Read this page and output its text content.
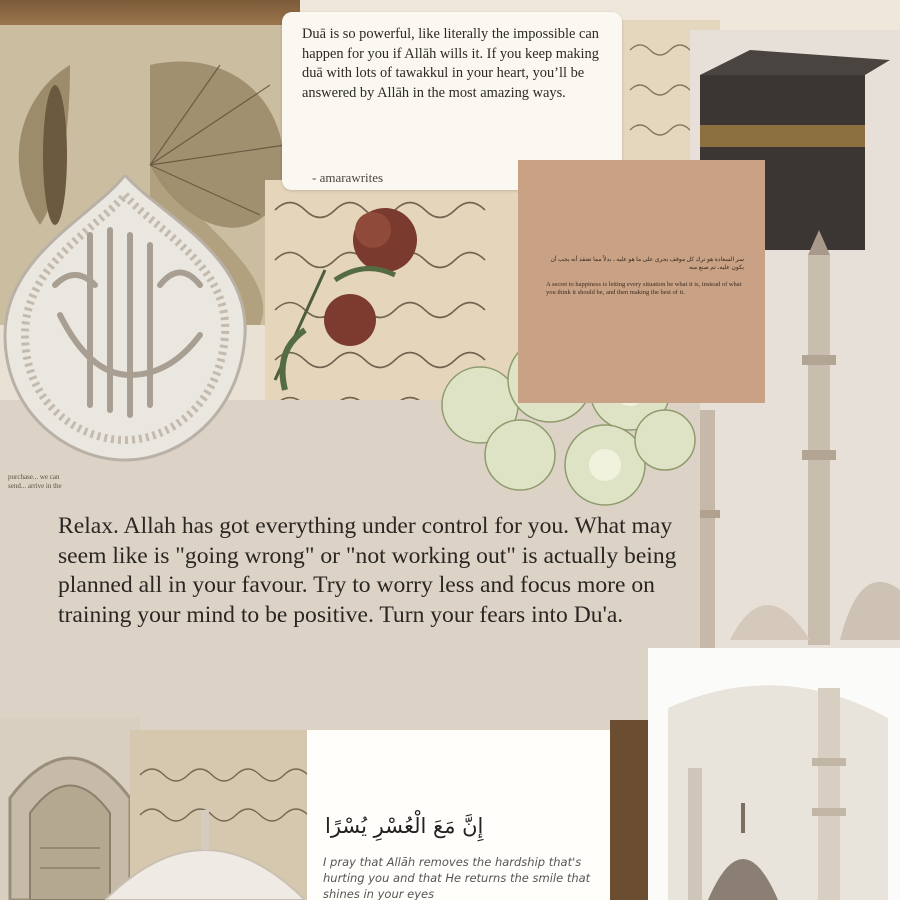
purchase... we can send... arrive in the

Duā is so powerful, like literally the impossible can happen for you if Allāh wills it. If you keep making duā with lots of tawakkul in your heart, you’ll be answered by Allāh in the most amazing ways.

- amarawrites

سر السعادة هو ترك كل موقف يجري على ما هو عليه ، بدلاً مما تعتقد أنه يجب أن يكون عليه، ثم صنع منه

A secret to happiness is letting every situation be what it is, instead of what you think it should be, and then making the best of it.

Relax. Allah has got everything under control for you. What may seem like is "going wrong" or "not working out" is actually being planned all in your favour. Try to worry less and focus more on training your mind to be positive. Turn your fears into Du'a.

إِنَّ مَعَ الْعُسْرِ يُسْرًا

I pray that Allāh removes the hardship that's hurting you and that He returns the smile that shines in your eyes
